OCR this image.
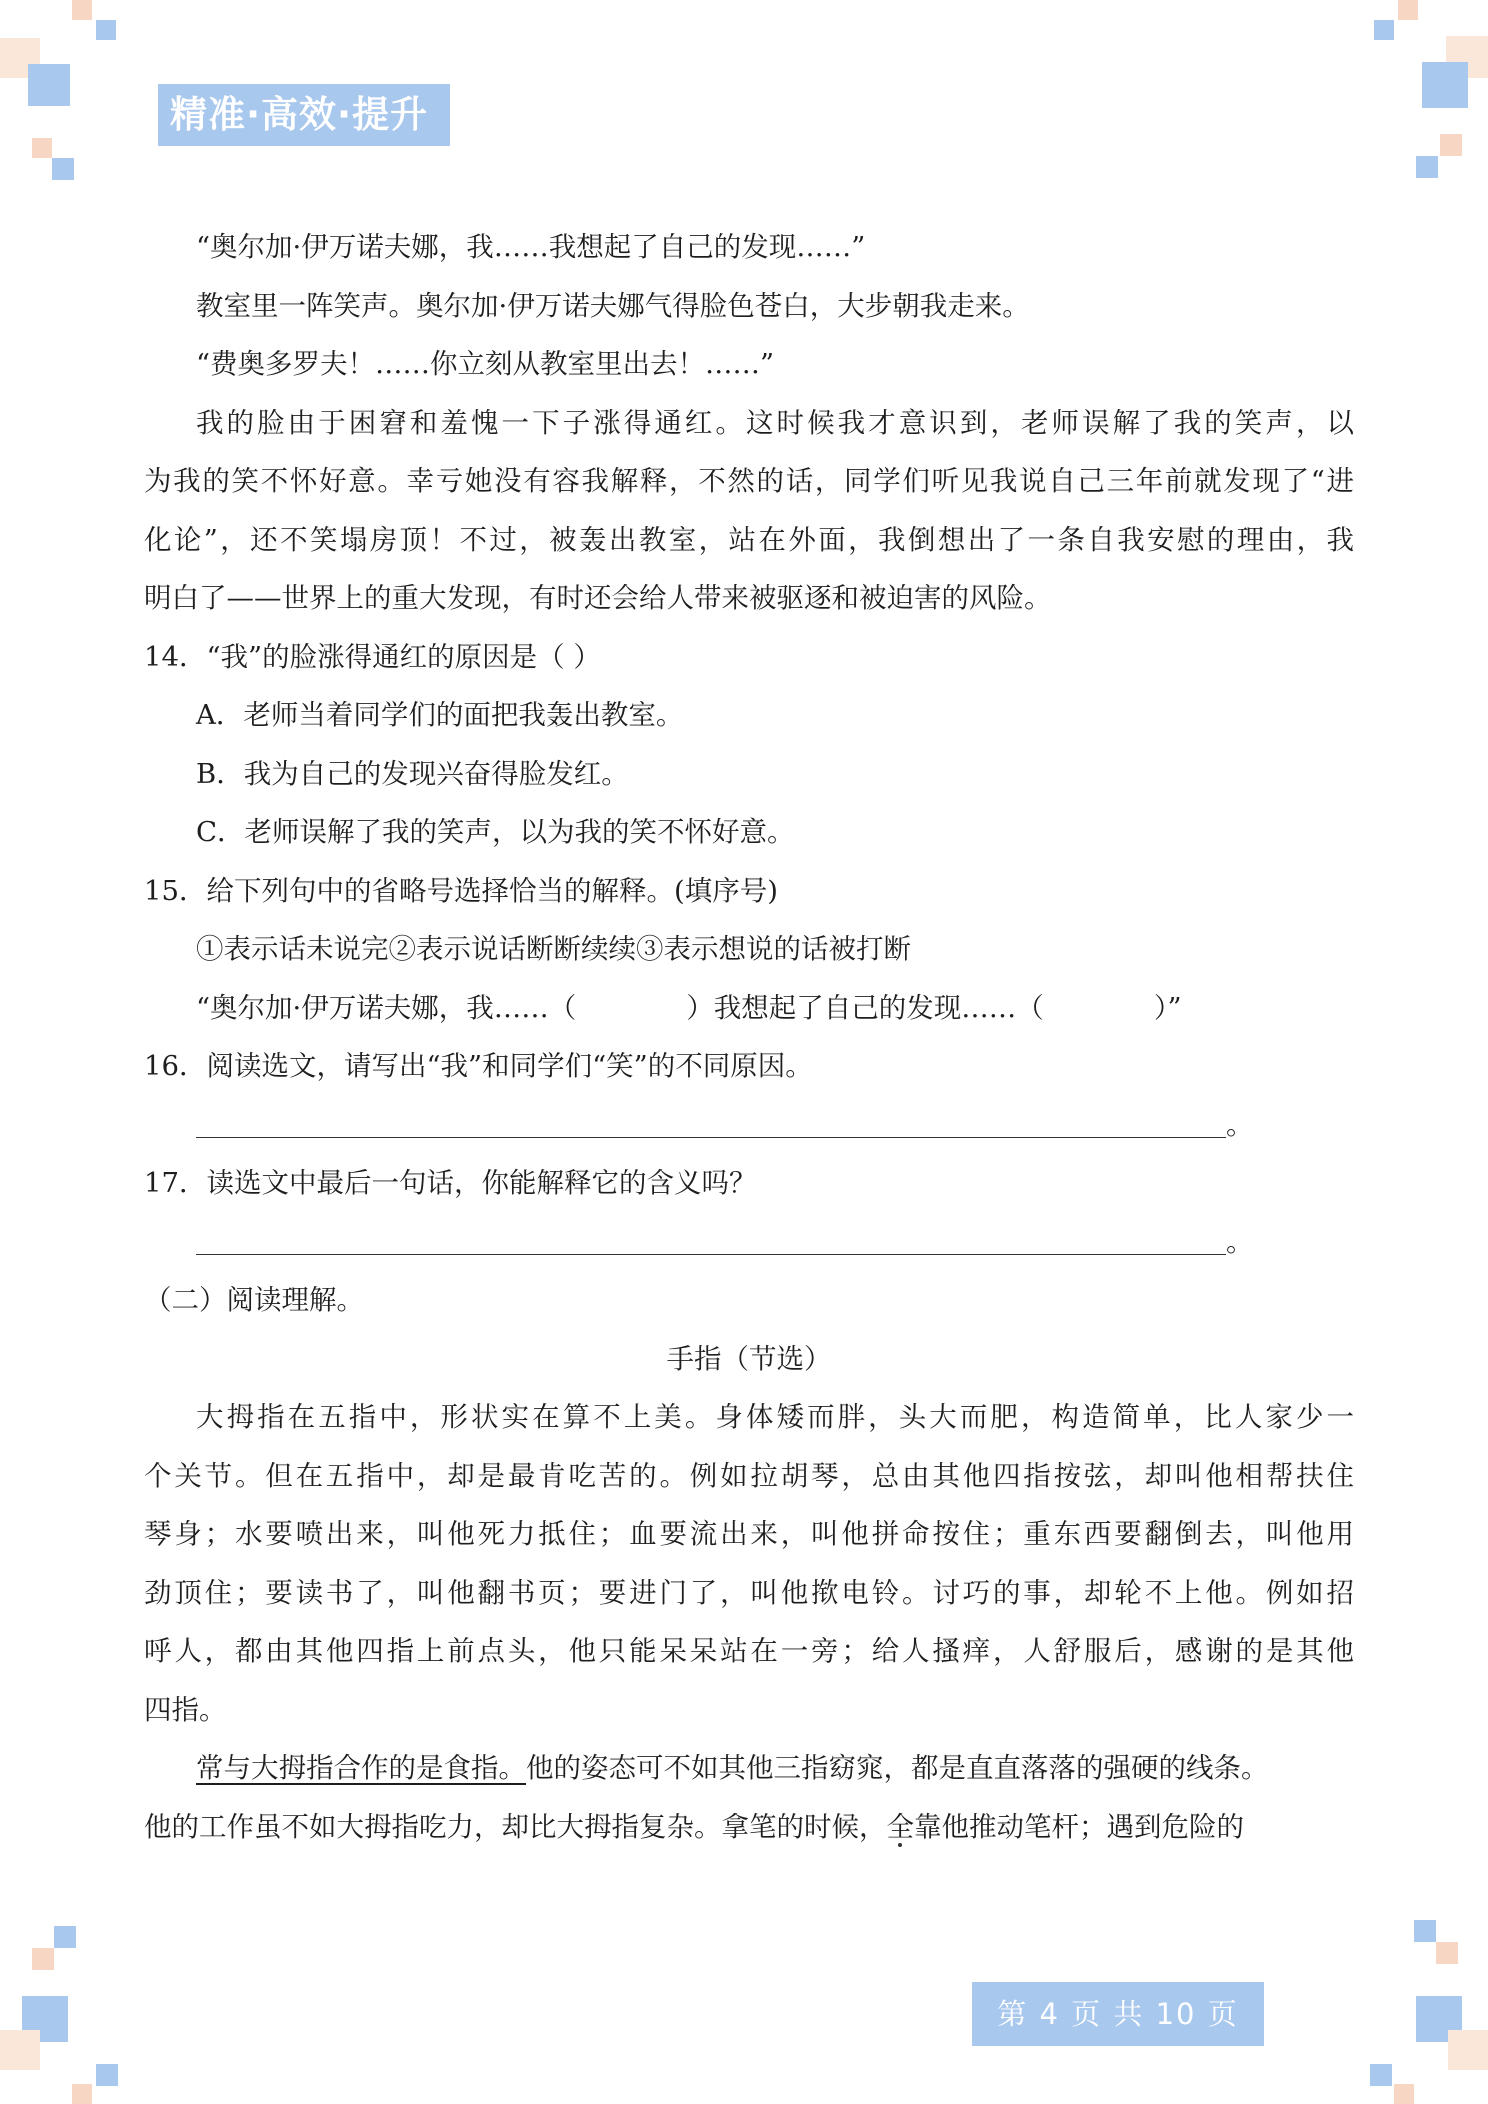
精准·高效·提升
“奥尔加·伊万诺夫娜，我……我想起了自己的发现……”
教室里一阵笑声。奥尔加·伊万诺夫娜气得脸色苍白，大步朝我走来。
“费奥多罗夫！……你立刻从教室里出去！……”
我的脸由于困窘和羞愧一下子涨得通红。这时候我才意识到，老师误解了我的笑声，以
为我的笑不怀好意。幸亏她没有容我解释，不然的话，同学们听见我说自己三年前就发现了“进
化论”，还不笑塌房顶！不过，被轰出教室，站在外面，我倒想出了一条自我安慰的理由，我
明白了——世界上的重大发现，有时还会给人带来被驱逐和被迫害的风险。
14．“我”的脸涨得通红的原因是（ ）
A．老师当着同学们的面把我轰出教室。
B．我为自己的发现兴奋得脸发红。
C．老师误解了我的笑声，以为我的笑不怀好意。
15．给下列句中的省略号选择恰当的解释。(填序号)
①表示话未说完②表示说话断断续续③表示想说的话被打断
“奥尔加·伊万诺夫娜，我……（	）我想起了自己的发现……（	）”
16．阅读选文，请写出“我”和同学们“笑”的不同原因。
。
17．读选文中最后一句话，你能解释它的含义吗？
。
（二）阅读理解。
手指（节选）
大拇指在五指中，形状实在算不上美。身体矮而胖，头大而肥，构造简单，比人家少一
个关节。但在五指中，却是最肯吃苦的。例如拉胡琴，总由其他四指按弦，却叫他相帮扶住
琴身；水要喷出来，叫他死力抵住；血要流出来，叫他拼命按住；重东西要翻倒去，叫他用
劲顶住；要读书了，叫他翻书页；要进门了，叫他揿电铃。讨巧的事，却轮不上他。例如招
呼人，都由其他四指上前点头，他只能呆呆站在一旁；给人搔痒，人舒服后，感谢的是其他
四指。
常与大拇指合作的是食指。他的姿态可不如其他三指窈窕，都是直直落落的强硬的线条。
他的工作虽不如大拇指吃力，却比大拇指复杂。拿笔的时候，全靠他推动笔杆；遇到危险的
第 4 页 共 10 页
